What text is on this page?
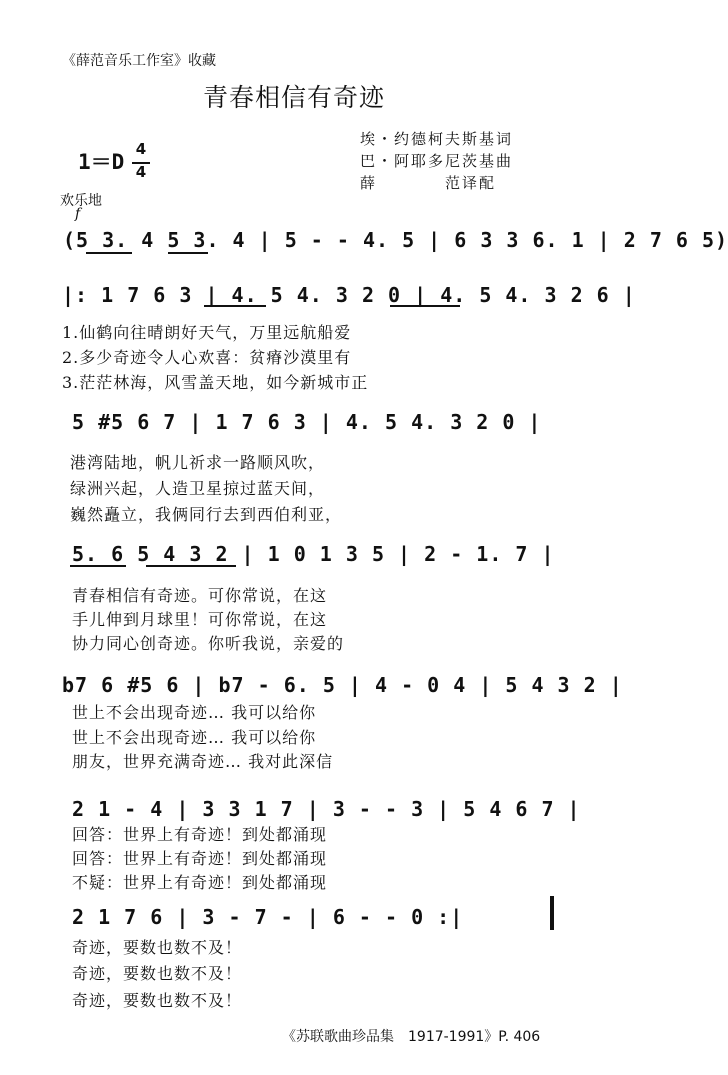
《薛范音乐工作室》收藏
青春相信有奇迹
埃・约德柯夫斯基词
巴・阿耶多尼茨基曲
薛　　　　范译配
1＝D
4
4
欢乐地
f
(5 3. 4 5 3. 4 | 5 - - 4. 5 | 6 3 3 6. 1 | 2 7 6 5)
|: 1 7 6 3 | 4. 5 4. 3 2 0 | 4. 5 4. 3 2 6 |
1.仙鹤向往晴朗好天气，万里远航船爱
2.多少奇迹令人心欢喜：贫瘠沙漠里有
3.茫茫林海，风雪盖天地，如今新城市正
5 #5 6 7 | 1 7 6 3 | 4. 5 4. 3 2 0 |
港湾陆地，帆儿祈求一路顺风吹，
绿洲兴起，人造卫星掠过蓝天间，
巍然矗立，我俩同行去到西伯利亚，
5. 6 5 4 3 2 | 1 0 1 3 5 | 2 - 1. 7 |
青春相信有奇迹。可你常说，在这
手儿伸到月球里！可你常说，在这
协力同心创奇迹。你听我说，亲爱的
b7 6 #5 6 | b7 - 6. 5 | 4 - 0 4 | 5 4 3 2 |
世上不会出现奇迹… 我可以给你
世上不会出现奇迹… 我可以给你
朋友，世界充满奇迹… 我对此深信
2 1 - 4 | 3 3 1 7 | 3 - - 3 | 5 4 6 7 |
回答：世界上有奇迹！到处都涌现
回答：世界上有奇迹！到处都涌现
不疑：世界上有奇迹！到处都涌现
2 1 7 6 | 3 - 7 - | 6 - - 0 :|
奇迹，要数也数不及！
奇迹，要数也数不及！
奇迹，要数也数不及！
《苏联歌曲珍品集　1917-1991》P. 406
